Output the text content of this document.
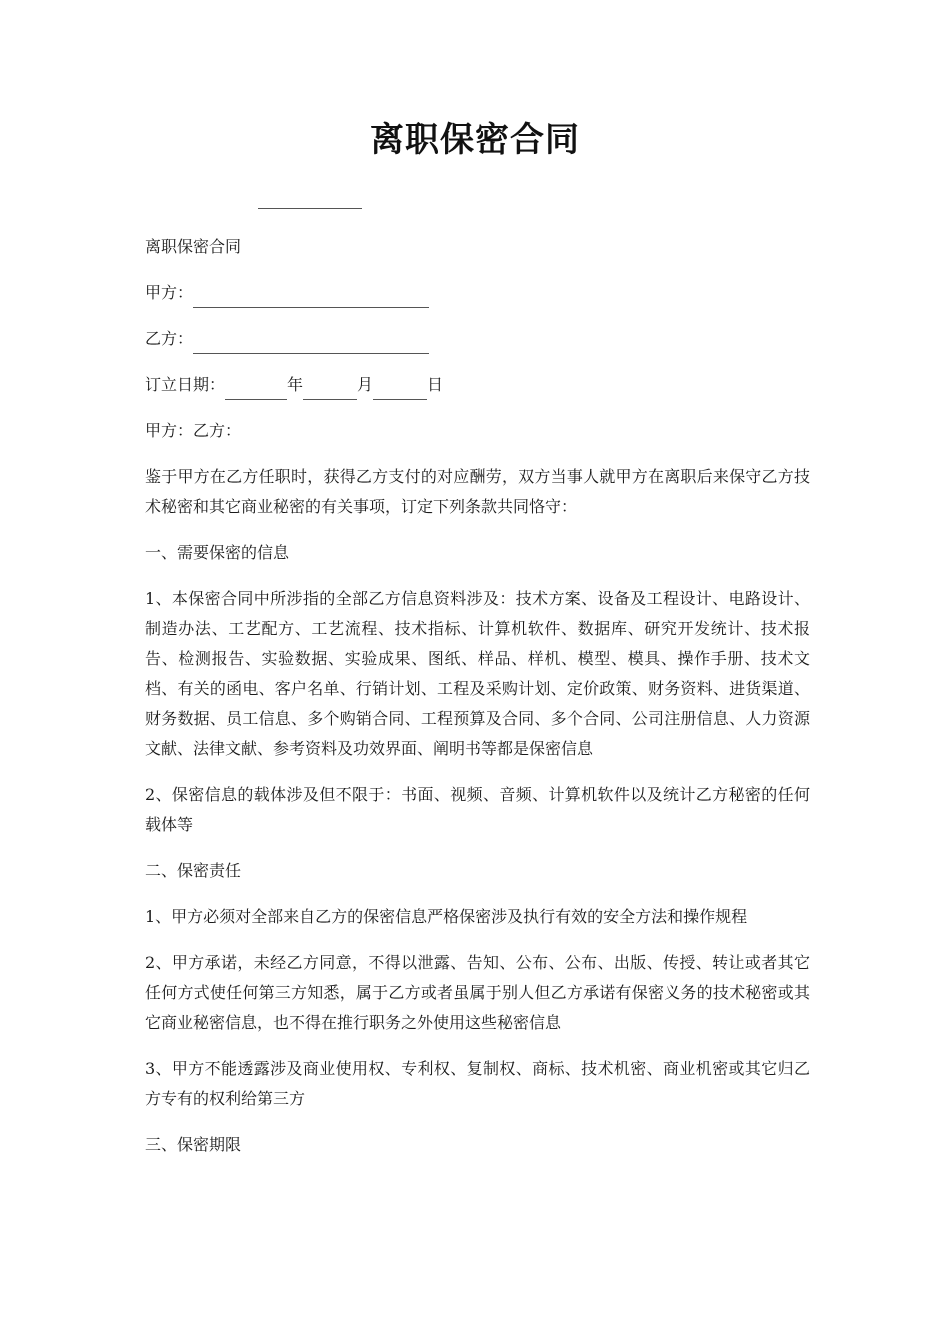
离职保密合同

离职保密合同

甲方：

乙方：

订立日期：	年	月	日

甲方：乙方：

鉴于甲方在乙方任职时，获得乙方支付的对应酬劳，双方当事人就甲方在离职后来保守乙方技术秘密和其它商业秘密的有关事项，订定下列条款共同恪守：

一、需要保密的信息

1、本保密合同中所涉指的全部乙方信息资料涉及：技术方案、设备及工程设计、电路设计、制造办法、工艺配方、工艺流程、技术指标、计算机软件、数据库、研究开发统计、技术报告、检测报告、实验数据、实验成果、图纸、样品、样机、模型、模具、操作手册、技术文档、有关的函电、客户名单、行销计划、工程及采购计划、定价政策、财务资料、进货渠道、财务数据、员工信息、多个购销合同、工程预算及合同、多个合同、公司注册信息、人力资源文献、法律文献、参考资料及功效界面、阐明书等都是保密信息

2、保密信息的载体涉及但不限于：书面、视频、音频、计算机软件以及统计乙方秘密的任何载体等

二、保密责任

1、甲方必须对全部来自乙方的保密信息严格保密涉及执行有效的安全方法和操作规程

2、甲方承诺，未经乙方同意，不得以泄露、告知、公布、公布、出版、传授、转让或者其它任何方式使任何第三方知悉，属于乙方或者虽属于别人但乙方承诺有保密义务的技术秘密或其它商业秘密信息，也不得在推行职务之外使用这些秘密信息

3、甲方不能透露涉及商业使用权、专利权、复制权、商标、技术机密、商业机密或其它归乙方专有的权利给第三方

三、保密期限
